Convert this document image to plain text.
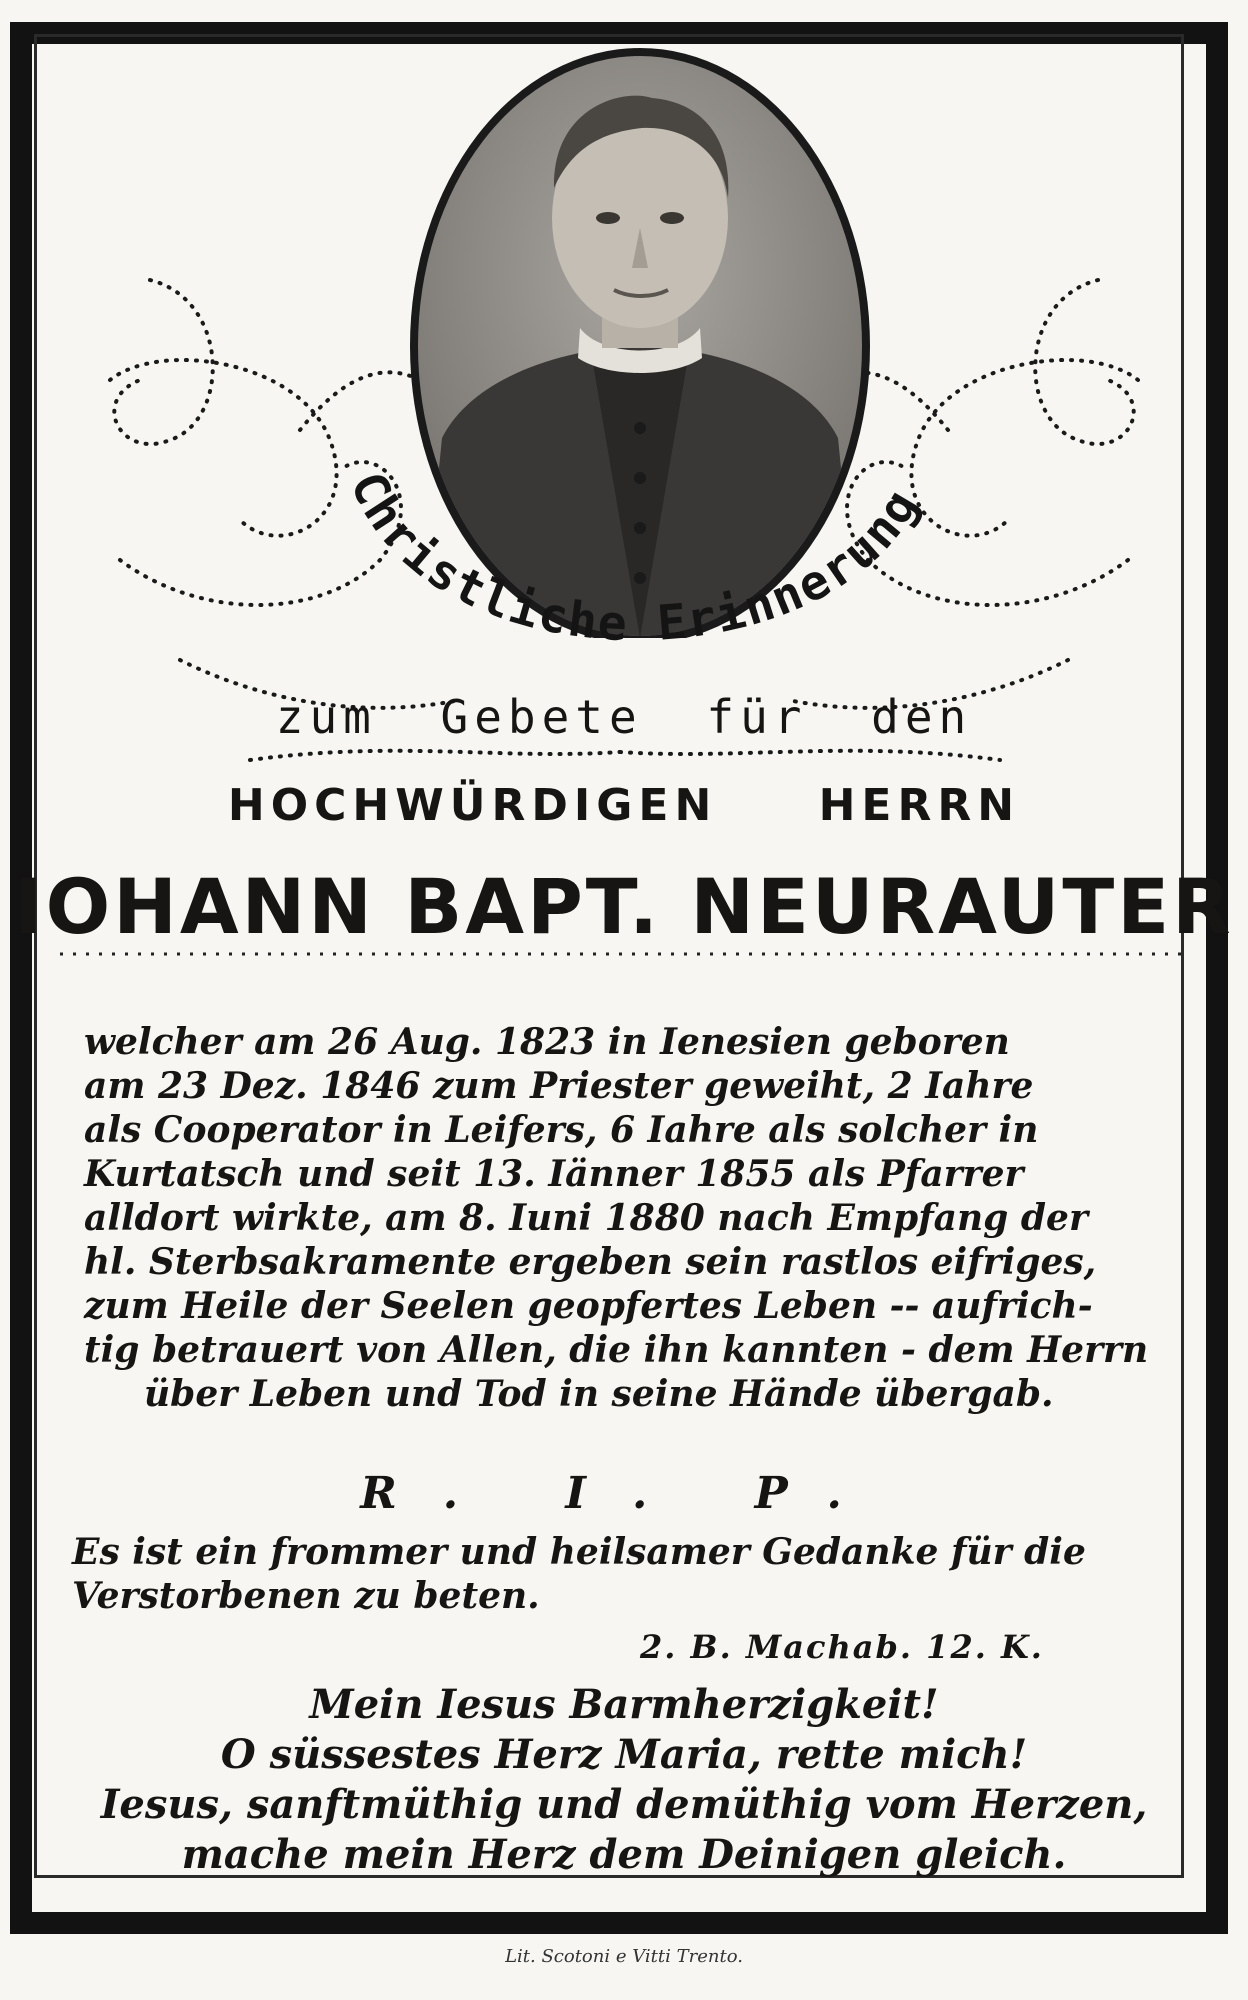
Christliche Erinnerung
zum Gebete für den
HOCHWÜRDIGEN HERRN
IOHANN BAPT. NEURAUTER
welcher am 26 Aug. 1823 in Ienesien geboren
am 23 Dez. 1846 zum Priester geweiht, 2 Iahre
als Cooperator in Leifers, 6 Iahre als solcher in
Kurtatsch und seit 13. Iänner 1855 als Pfarrer
alldort wirkte, am 8. Iuni 1880 nach Empfang der
hl. Sterbsakramente ergeben sein rastlos eifriges,
zum Heile der Seelen geopfertes Leben -- aufrich-
tig betrauert von Allen, die ihn kannten - dem Herrn
über Leben und Tod in seine Hände übergab.
R. I. P.
Es ist ein frommer und heilsamer Gedanke für die
Verstorbenen zu beten.
2. B. Machab. 12. K.
Mein Iesus Barmherzigkeit!
O süssestes Herz Maria, rette mich!
Iesus, sanftmüthig und demüthig vom Herzen,
mache mein Herz dem Deinigen gleich.
Lit. Scotoni e Vitti Trento.
